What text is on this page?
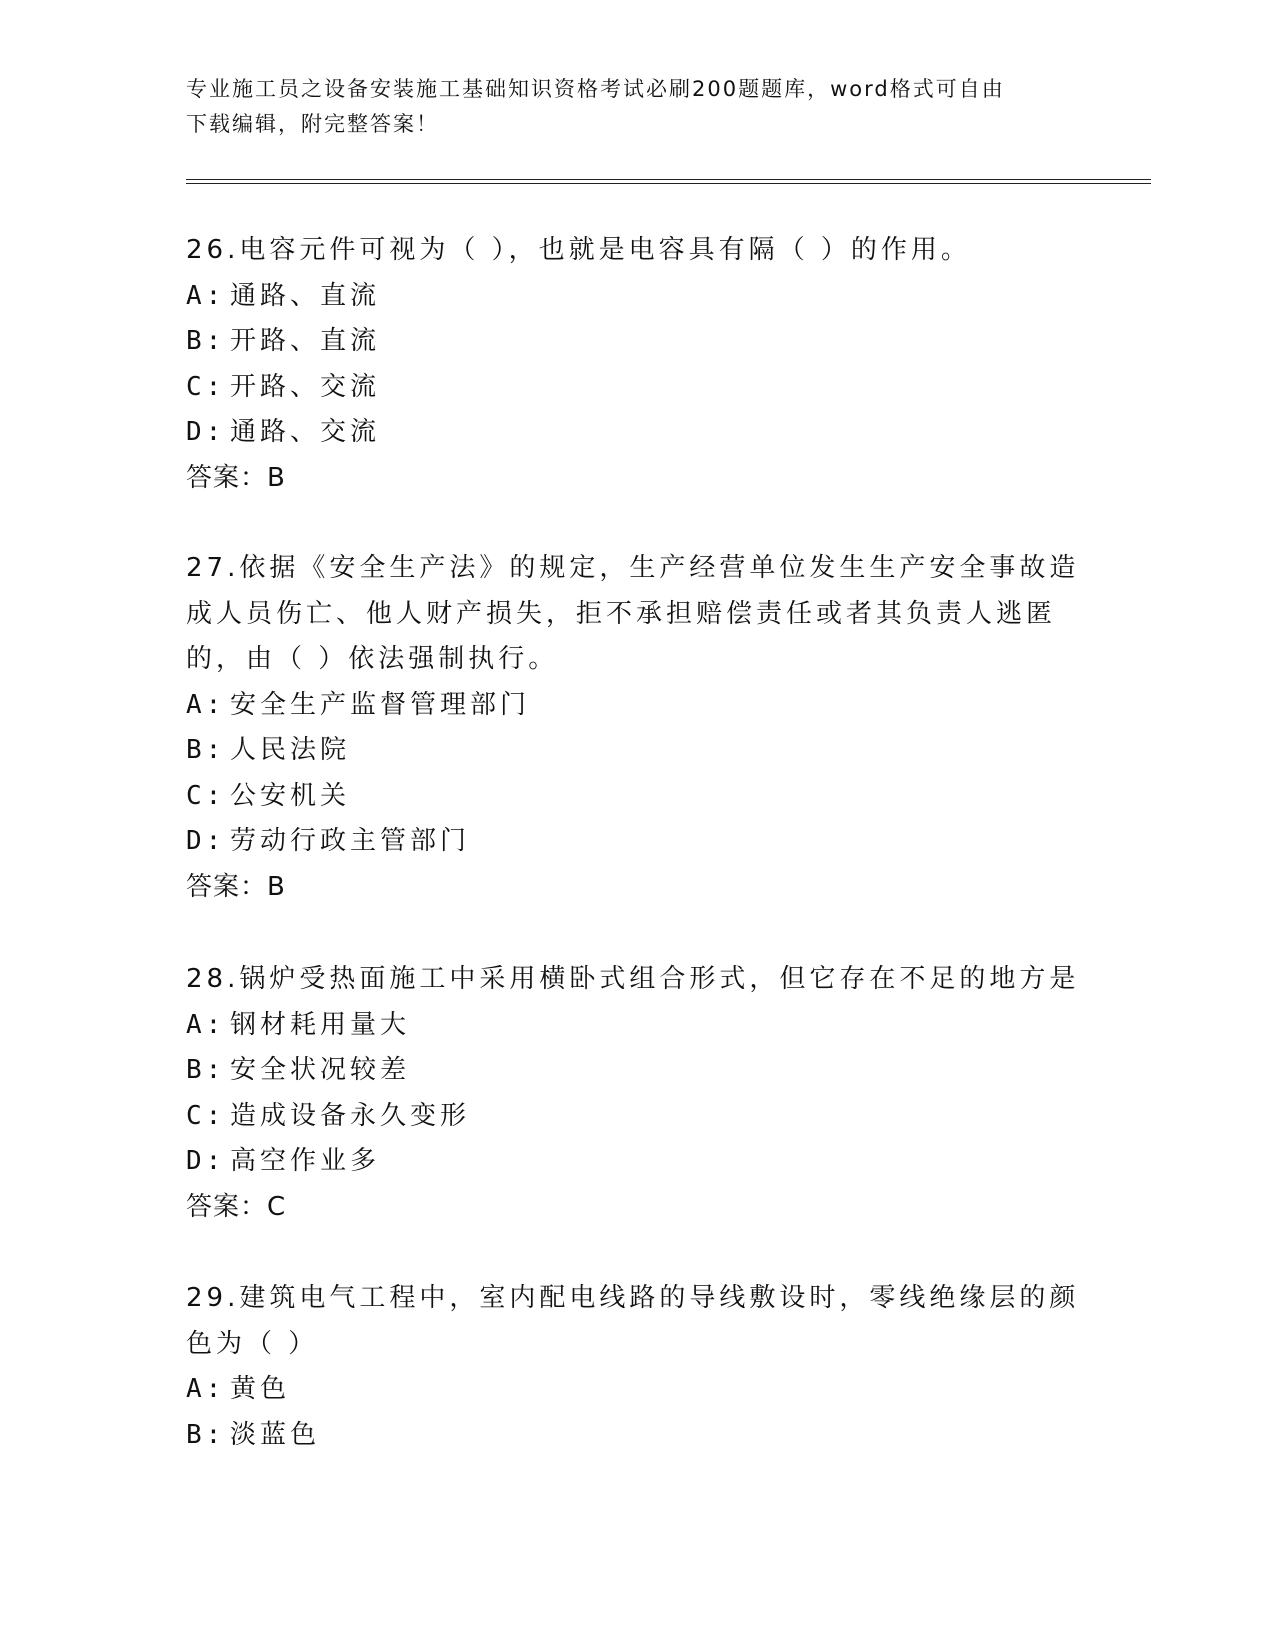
专业施工员之设备安装施工基础知识资格考试必刷200题题库，word格式可自由
下载编辑，附完整答案！

26.电容元件可视为（ ），也就是电容具有隔（ ）的作用。

A: 通路、直流
B: 开路、直流
C: 开路、交流
D: 通路、交流
答案：B

27.依据《安全生产法》的规定，生产经营单位发生生产安全事故造成人员伤亡、他人财产损失，拒不承担赔偿责任或者其负责人逃匿的，由（ ）依法强制执行。

A: 安全生产监督管理部门
B: 人民法院
C: 公安机关
D: 劳动行政主管部门
答案：B

28.锅炉受热面施工中采用横卧式组合形式，但它存在不足的地方是

A: 钢材耗用量大
B: 安全状况较差
C: 造成设备永久变形
D: 高空作业多
答案：C

29.建筑电气工程中，室内配电线路的导线敷设时，零线绝缘层的颜色为（ ）

A: 黄色
B: 淡蓝色
